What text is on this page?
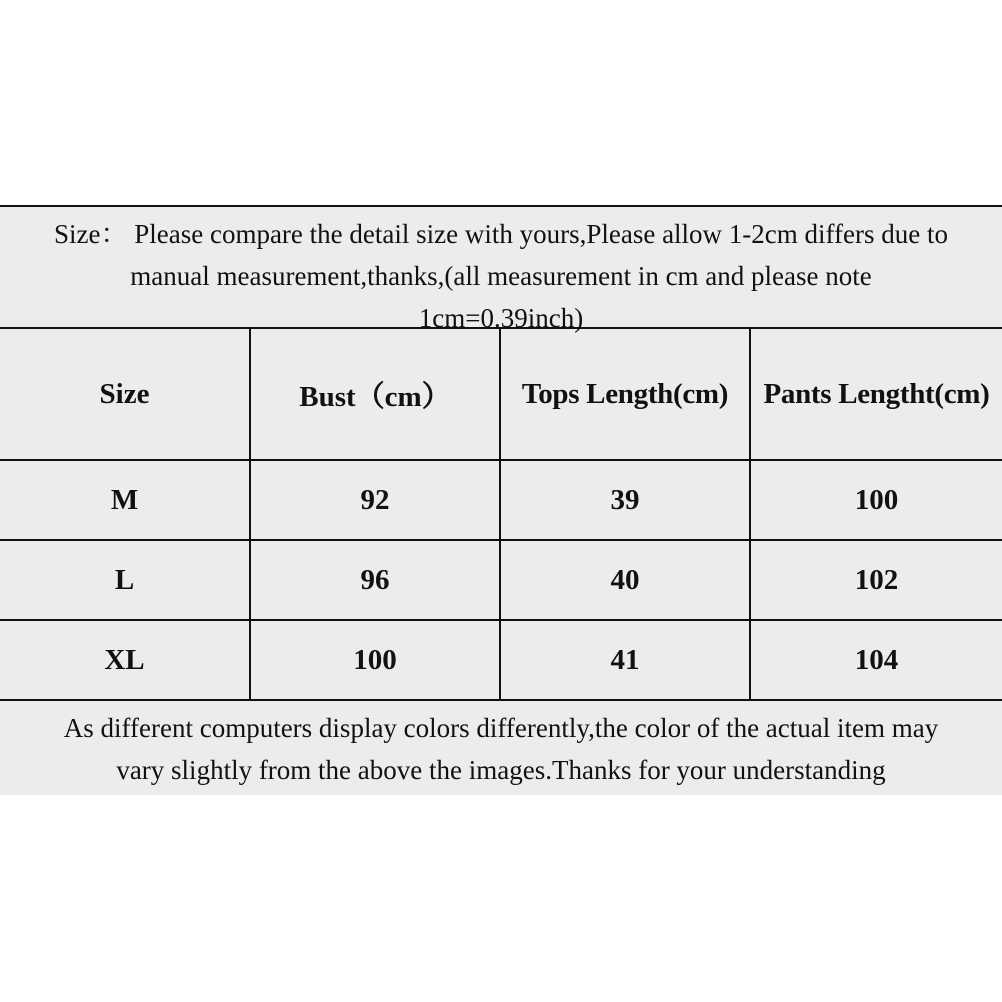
Size： Please compare the detail size with yours,Please allow 1-2cm differs due to
manual measurement,thanks,(all measurement in cm and please note
1cm=0.39inch)
Size	Bust（cm）	Tops Length(cm)	Pants Lengtht(cm)
M	92	39	100
L	96	40	102
XL	100	41	104
As different computers display colors differently,the color of the actual item may
vary slightly from the above the images.Thanks for your understanding
